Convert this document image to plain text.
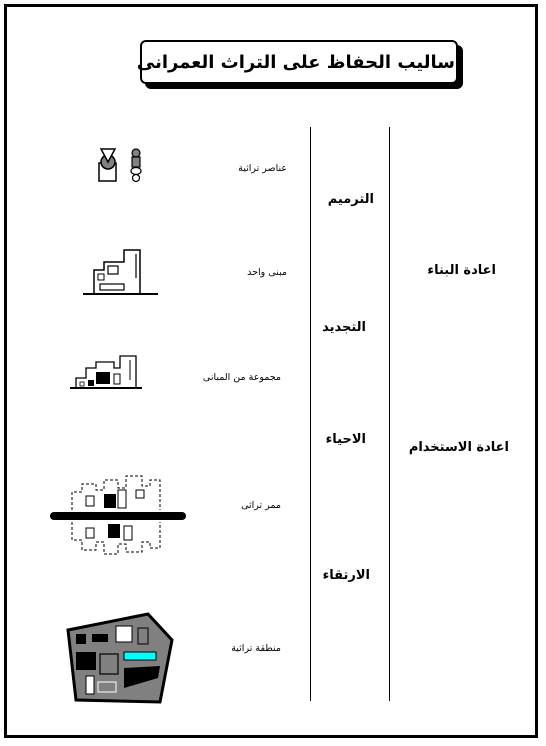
اساليب الحفاظ على التراث العمرانى
اعادة البناء
اعادة الاستخدام
الترميم
التجديد
الاحياء
الارتقاء
عناصر تراثية
مبنى واحد
مجموعة من المبانى
ممر تراثى
منطقة تراثية
